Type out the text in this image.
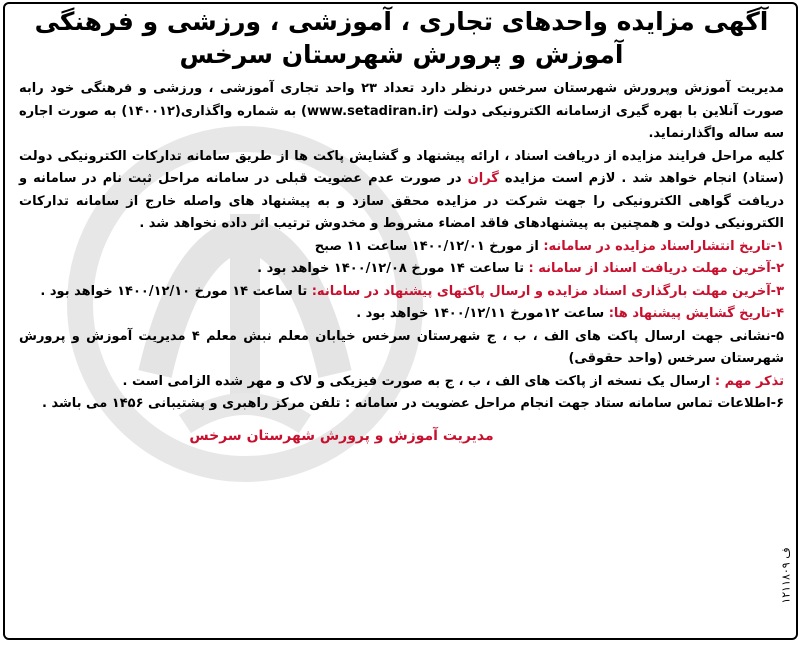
ف ۱۲۱۱۸۰۹
آگهی مزایده واحدهای تجاری ، آموزشی ، ورزشی و فرهنگی
آموزش و پرورش شهرستان سرخس

مدیریت آموزش وپرورش شهرستان سرخس درنظر دارد تعداد ۲۳ واحد تجاری آموزشی ، ورزشی و فرهنگی خود رابه صورت آنلاین با بهره گیری ازسامانه الکترونیکی دولت (www.setadiran.ir) به شماره واگذاری(۱۴۰۰۱۲) به صورت اجاره سه ساله واگذارنماید.

کلیه مراحل فرایند مزایده از دریافت اسناد ، ارائه پیشنهاد و گشایش پاکت ها از طریق سامانه تدارکات الکترونیکی دولت (ستاد) انجام خواهد شد . لازم است مزایده گران در صورت عدم عضویت قبلی در سامانه مراحل ثبت نام در سامانه و دریافت گواهی الکترونیکی را جهت شرکت در مزایده محقق سازد و به پیشنهاد های واصله خارج از سامانه تدارکات الکترونیکی دولت و همچنین به پیشنهادهای فاقد امضاء مشروط و مخدوش ترتیب اثر داده نخواهد شد .

۱-تاریخ انتشاراسناد مزایده در سامانه: از مورخ ۱۴۰۰/۱۲/۰۱ ساعت ۱۱ صبح

۲-آخرین مهلت دریافت اسناد از سامانه : تا ساعت ۱۴ مورخ ۱۴۰۰/۱۲/۰۸ خواهد بود .

۳-آخرین مهلت بارگذاری اسناد مزایده و ارسال پاکتهای پیشنهاد در سامانه: تا ساعت ۱۴ مورخ ۱۴۰۰/۱۲/۱۰ خواهد بود .

۴-تاریخ گشایش پیشنهاد ها: ساعت ۱۲مورخ ۱۴۰۰/۱۲/۱۱ خواهد بود .

۵-نشانی جهت ارسال پاکت های الف ، ب ، ج شهرستان سرخس خیابان معلم نبش معلم ۴ مدیریت آموزش و پرورش شهرستان سرخس (واحد حقوقی)

تذکر مهم : ارسال یک نسخه از پاکت های الف ، ب ، ج به صورت فیزیکی و لاک و مهر شده الزامی است .

۶-اطلاعات تماس سامانه ستاد جهت انجام مراحل عضویت در سامانه : تلفن مرکز راهبری و پشتیبانی ۱۴۵۶ می باشد .

مدیریت آموزش و پرورش شهرستان سرخس
